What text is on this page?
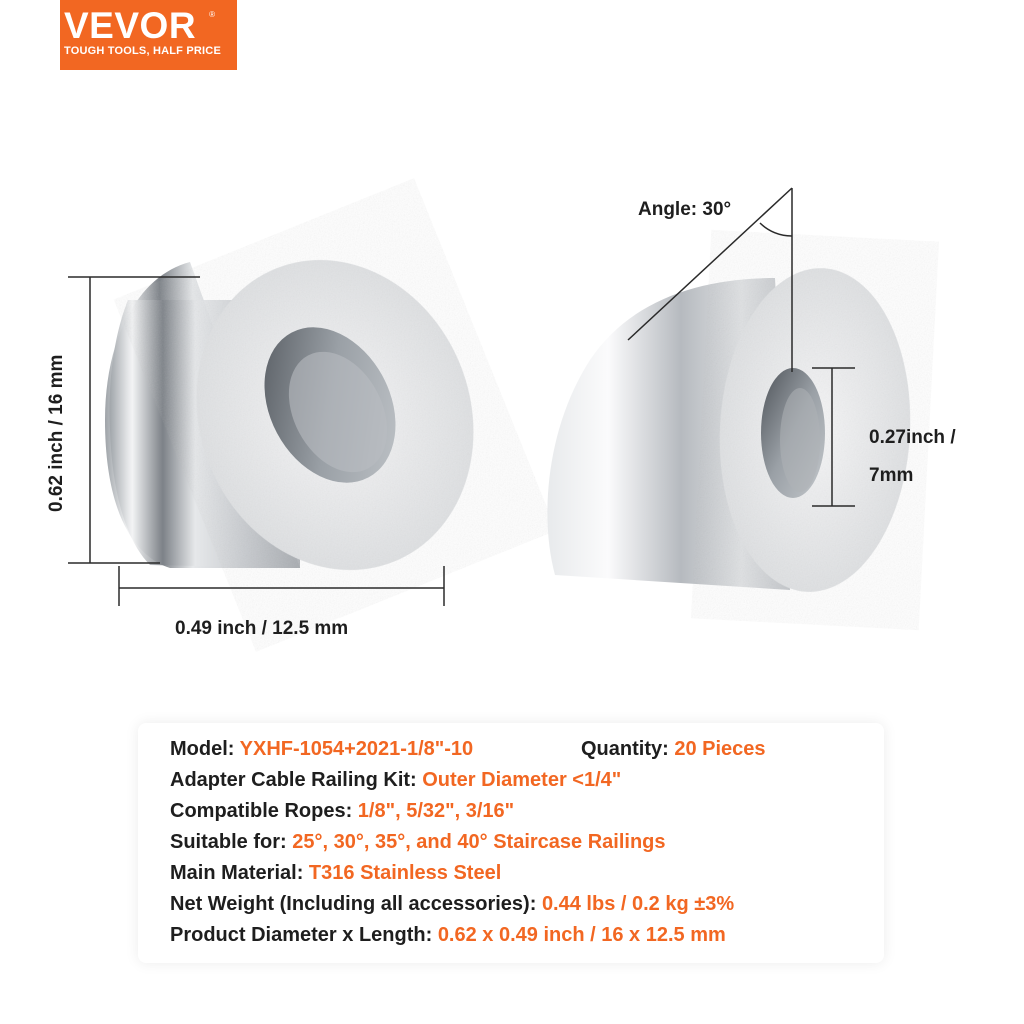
VEVOR ®
TOUGH TOOLS, HALF PRICE
0.62 inch / 16 mm
0.49 inch / 12.5 mm
Angle: 30°
0.27inch /
7mm
Model: YXHF-1054+2021-1/8"-10	Quantity: 20 Pieces
Adapter Cable Railing Kit: Outer Diameter <1/4"
Compatible Ropes: 1/8", 5/32", 3/16"
Suitable for: 25°, 30°, 35°, and 40° Staircase Railings
Main Material: T316 Stainless Steel
Net Weight (Including all accessories): 0.44 lbs / 0.2 kg ±3%
Product Diameter x Length: 0.62 x 0.49 inch / 16 x 12.5 mm
